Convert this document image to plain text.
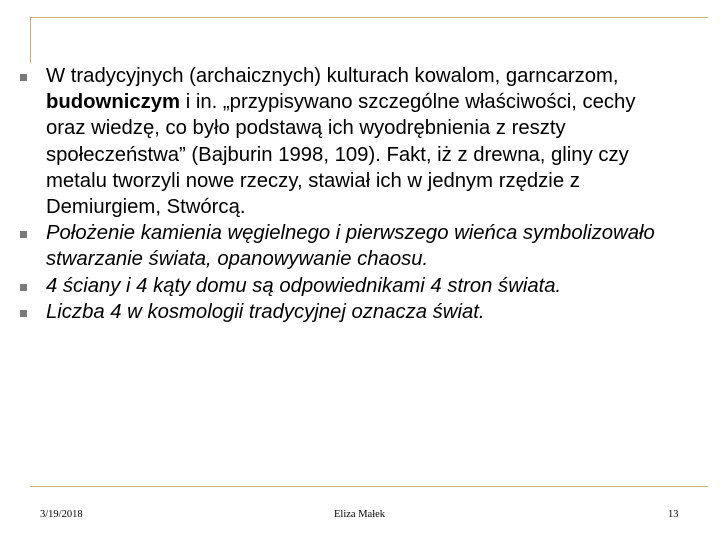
W tradycyjnych (archaicznych) kulturach kowalom, garncarzom, budowniczym i in. „przypisywano szczególne właściwości, cechy oraz wiedzę, co było podstawą ich wyodrębnienia z reszty społeczeństwa” (Bajburin 1998, 109). Fakt, iż z drewna, gliny czy metalu tworzyli nowe rzeczy, stawiał ich w jednym rzędzie z Demiurgiem, Stwórcą.

Położenie kamienia węgielnego i pierwszego wieńca symbolizowało stwarzanie świata, opanowywanie chaosu.

4 ściany i 4 kąty domu są odpowiednikami 4 stron świata.

Liczba 4 w kosmologii tradycyjnej oznacza świat.

3/19/2018	Eliza Małek	13
